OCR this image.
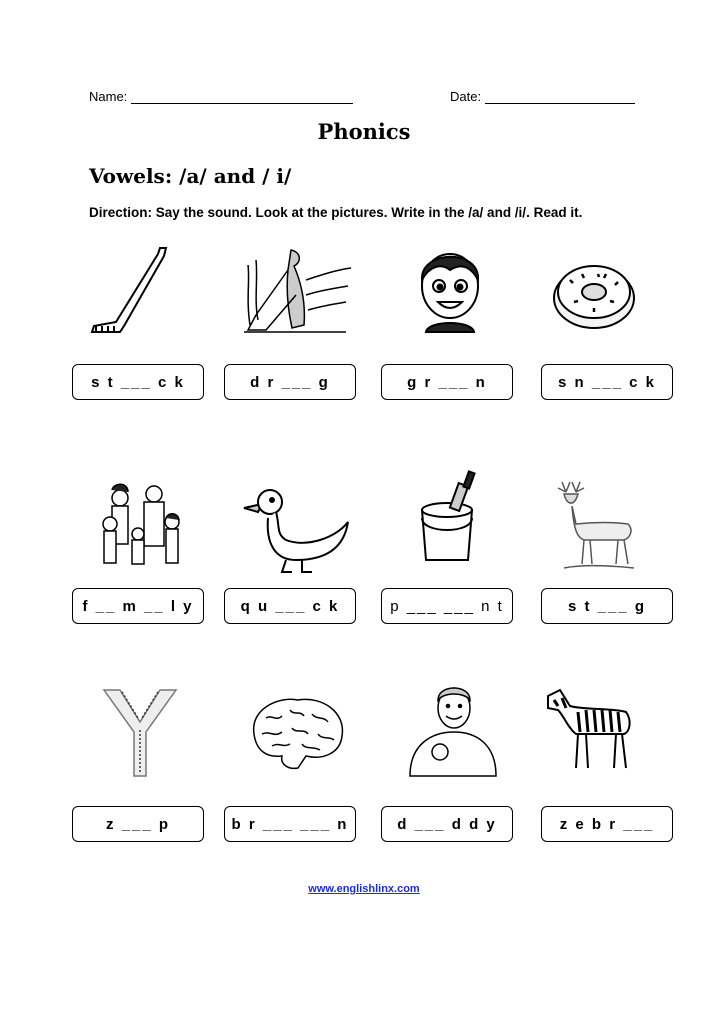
Name:	Date:
Phonics
Vowels: /a/ and / i/
Direction: Say the sound. Look at the pictures. Write in the /a/ and /i/. Read it.
s t ___ c k	d r ___ g	g r ___ n	s n ___ c k
f __ m __ l y	q u ___ c k	p ___ ___ n t	s t ___ g
z ___ p	b r ___ ___ n	d ___ d d y	z e b r ___
www.englishlinx.com
